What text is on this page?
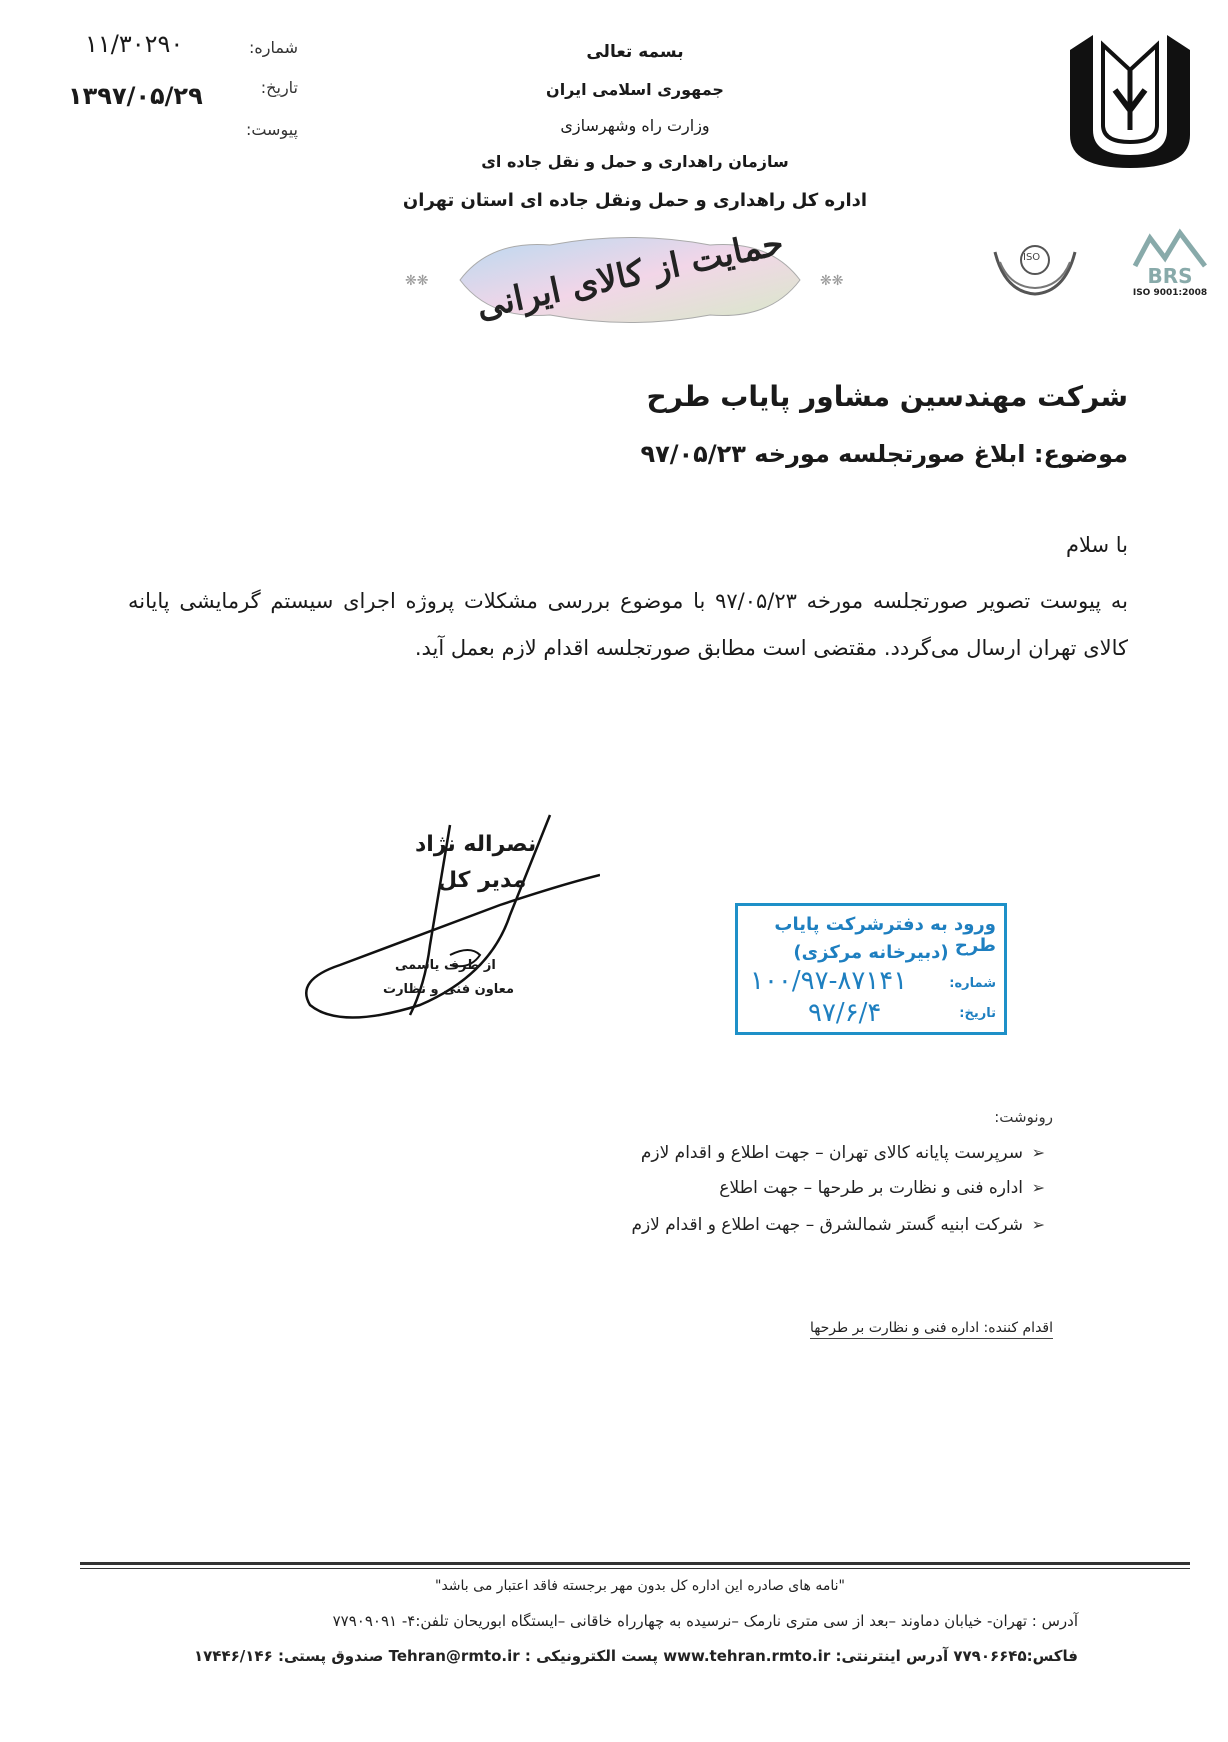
بسمه تعالی
جمهوری اسلامی ایران
وزارت راه وشهرسازی
سازمان راهداری و حمل و نقل جاده ای
اداره کل راهداری و حمل ونقل جاده ای استان تهران
❋❋	❋❋
حمایت از کالای ایرانی	ISO
BRS
ISO 9001:2008
شماره:
۱۱/۳۰۲۹۰
تاریخ:
۱۳۹۷/۰۵/۲۹
پیوست:
شرکت مهندسین مشاور پایاب طرح
موضوع: ابلاغ صورتجلسه مورخه ۹۷/۰۵/۲۳
با سلام
به پیوست تصویر صورتجلسه مورخه ۹۷/۰۵/۲۳ با موضوع بررسی مشکلات پروژه اجرای سیستم گرمایشی پایانه کالای تهران ارسال می‌گردد. مقتضی است مطابق صورتجلسه اقدام لازم بعمل آید.
نصراله نژاد
مدیر کل
از طرف یاسمی
معاون فنی و نظارت
ورود به دفترشرکت پایاب طرح
(دبیرخانه مرکزی)
شماره:
۱۰۰/۹۷-۸۷۱۴۱
تاریخ:
۹۷/۶/۴
رونوشت:
➢
سرپرست پایانه کالای تهران – جهت اطلاع و اقدام لازم
➢
اداره فنی و نظارت بر طرحها – جهت اطلاع
➢
شرکت ابنیه گستر شمالشرق – جهت اطلاع و اقدام لازم
اقدام کننده: اداره فنی و نظارت بر طرحها
"نامه های صادره این اداره کل بدون مهر برجسته فاقد اعتبار می باشد"
آدرس : تهران- خیابان دماوند –بعد از سی متری نارمک –نرسیده به چهارراه خاقانی –ایستگاه ابوریحان تلفن:۴- ۷۷۹۰۹۰۹۱
فاکس:۷۷۹۰۶۶۴۵ آدرس اینترنتی: www.tehran.rmto.ir پست الکترونیکی : Tehran@rmto.ir صندوق پستی: ۱۷۴۴۶/۱۴۶
